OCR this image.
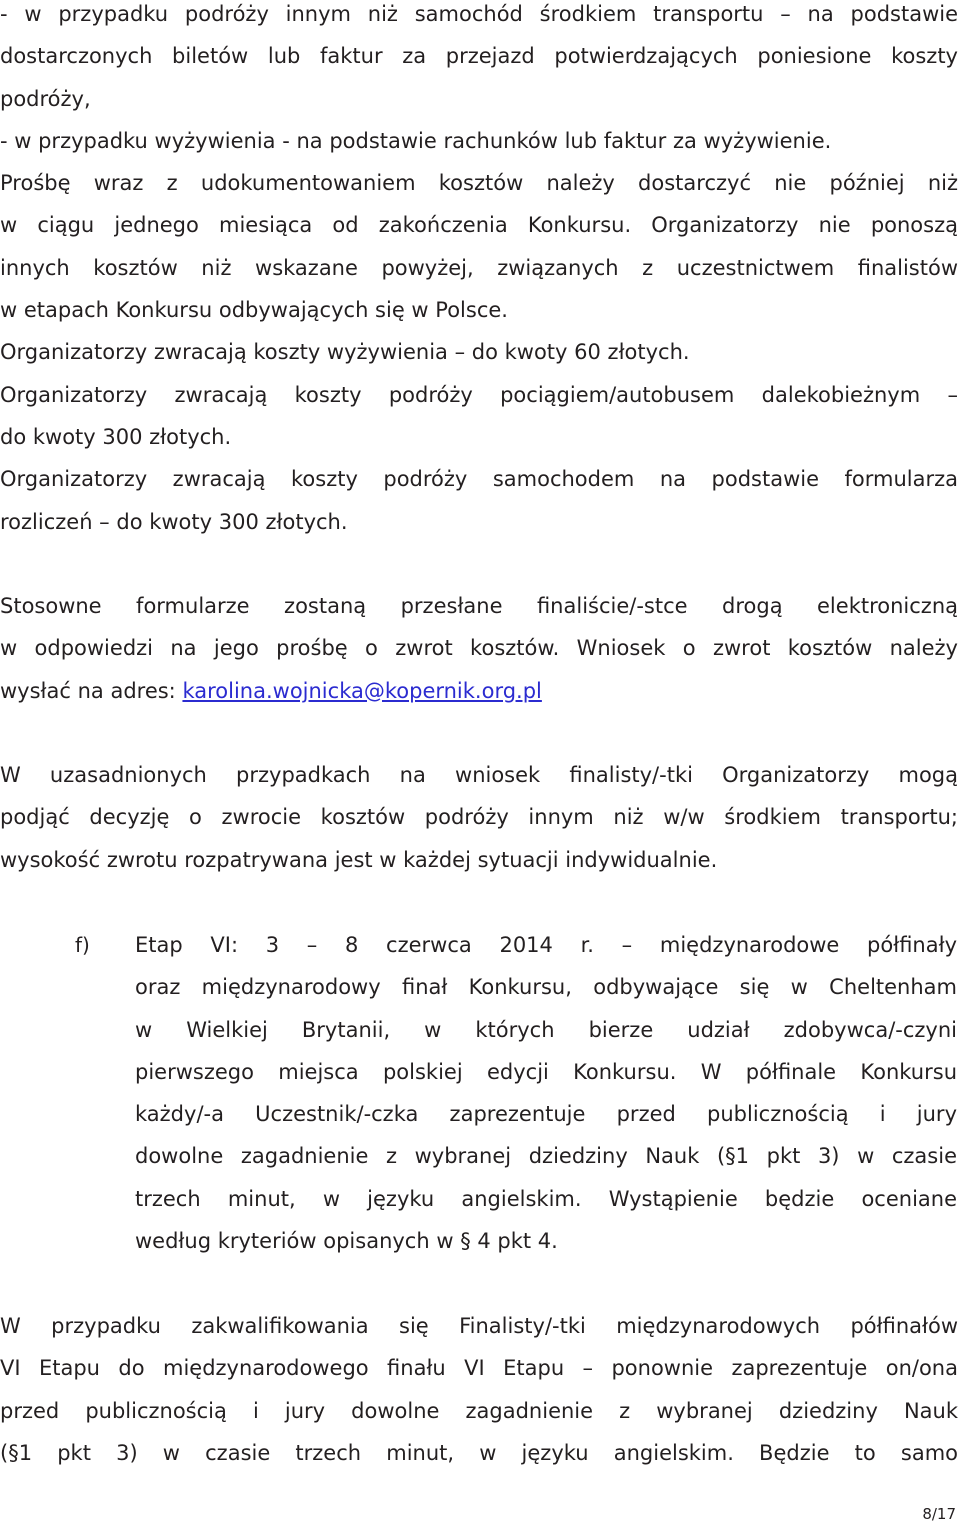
- w przypadku podróży innym niż samochód środkiem transportu – na podstawie
dostarczonych biletów lub faktur za przejazd potwierdzających poniesione koszty
podróży,
- w przypadku wyżywienia - na podstawie rachunków lub faktur za wyżywienie.
Prośbę wraz z udokumentowaniem kosztów należy dostarczyć nie później niż
w ciągu jednego miesiąca od zakończenia Konkursu. Organizatorzy nie ponoszą
innych kosztów niż wskazane powyżej, związanych z uczestnictwem finalistów
w etapach Konkursu odbywających się w Polsce.
Organizatorzy zwracają koszty wyżywienia – do kwoty 60 złotych.
Organizatorzy zwracają koszty podróży pociągiem/autobusem dalekobieżnym –
do kwoty 300 złotych.
Organizatorzy zwracają koszty podróży samochodem na podstawie formularza
rozliczeń – do kwoty 300 złotych.
Stosowne formularze zostaną przesłane finaliście/-stce drogą elektroniczną
w odpowiedzi na jego prośbę o zwrot kosztów. Wniosek o zwrot kosztów należy
wysłać na adres: karolina.wojnicka@kopernik.org.pl
W uzasadnionych przypadkach na wniosek finalisty/-tki Organizatorzy mogą
podjąć decyzję o zwrocie kosztów podróży innym niż w/w środkiem transportu;
wysokość zwrotu rozpatrywana jest w każdej sytuacji indywidualnie.
f) Etap VI: 3 – 8 czerwca 2014 r. – międzynarodowe półfinały
oraz międzynarodowy finał Konkursu, odbywające się w Cheltenham
w Wielkiej Brytanii, w których bierze udział zdobywca/-czyni
pierwszego miejsca polskiej edycji Konkursu. W półfinale Konkursu
każdy/-a Uczestnik/-czka zaprezentuje przed publicznością i jury
dowolne zagadnienie z wybranej dziedziny Nauk (§1 pkt 3) w czasie
trzech minut, w języku angielskim. Wystąpienie będzie oceniane
według kryteriów opisanych w § 4 pkt 4.
W przypadku zakwalifikowania się Finalisty/-tki międzynarodowych półfinałów
VI Etapu do międzynarodowego finału VI Etapu – ponownie zaprezentuje on/ona
przed publicznością i jury dowolne zagadnienie z wybranej dziedziny Nauk
(§1 pkt 3) w czasie trzech minut, w języku angielskim. Będzie to samo
8/17
